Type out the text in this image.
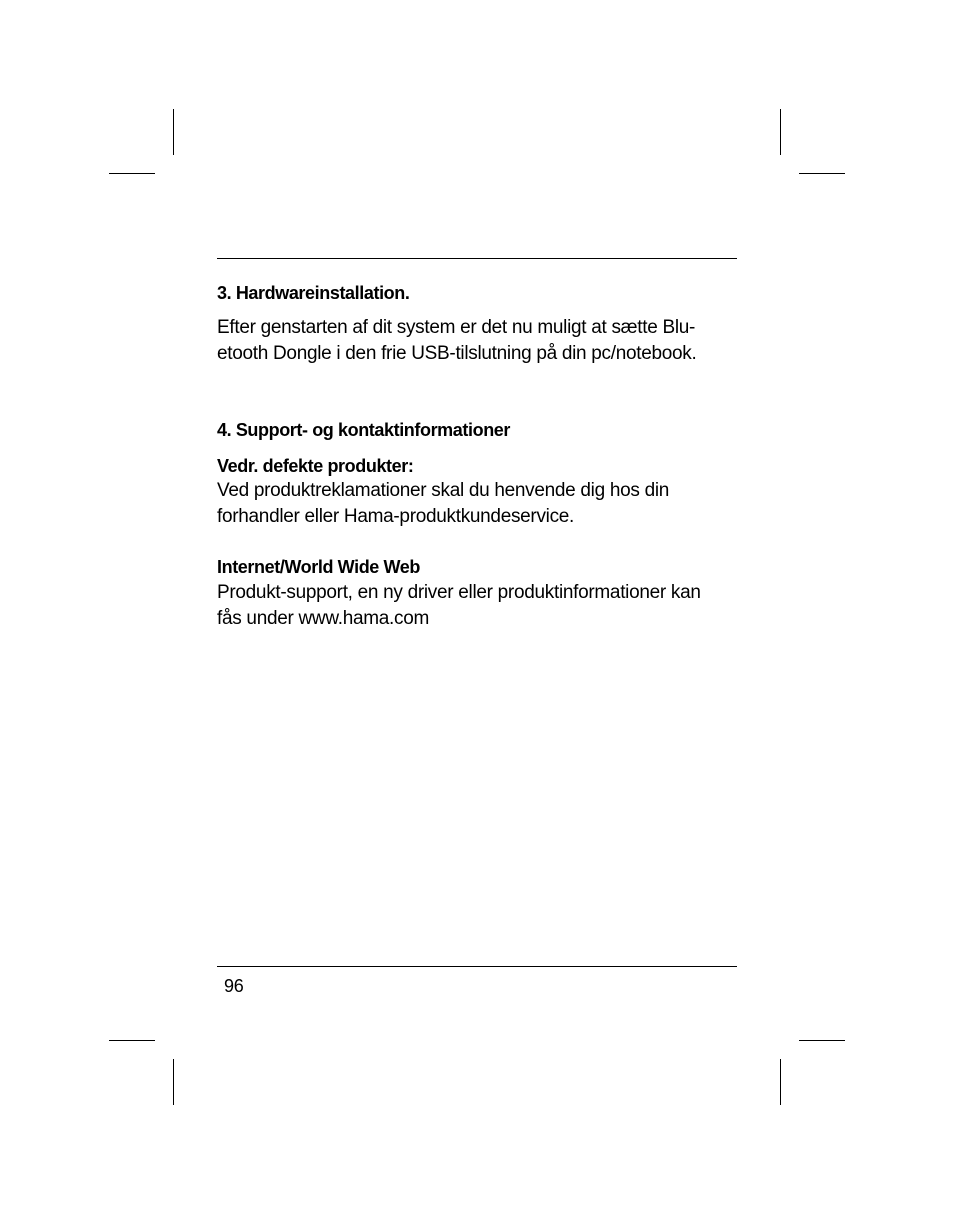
3. Hardwareinstallation.

Efter genstarten af dit system er det nu muligt at sætte Blu-

etooth Dongle i den frie USB-tilslutning på din pc/notebook.

4. Support- og kontaktinformationer
Vedr. defekte produkter:

Ved produktreklamationer skal du henvende dig hos din

forhandler eller Hama-produktkundeservice.

Internet/World Wide Web

Produkt-support, en ny driver eller produktinformationer kan

fås under www.hama.com

96
